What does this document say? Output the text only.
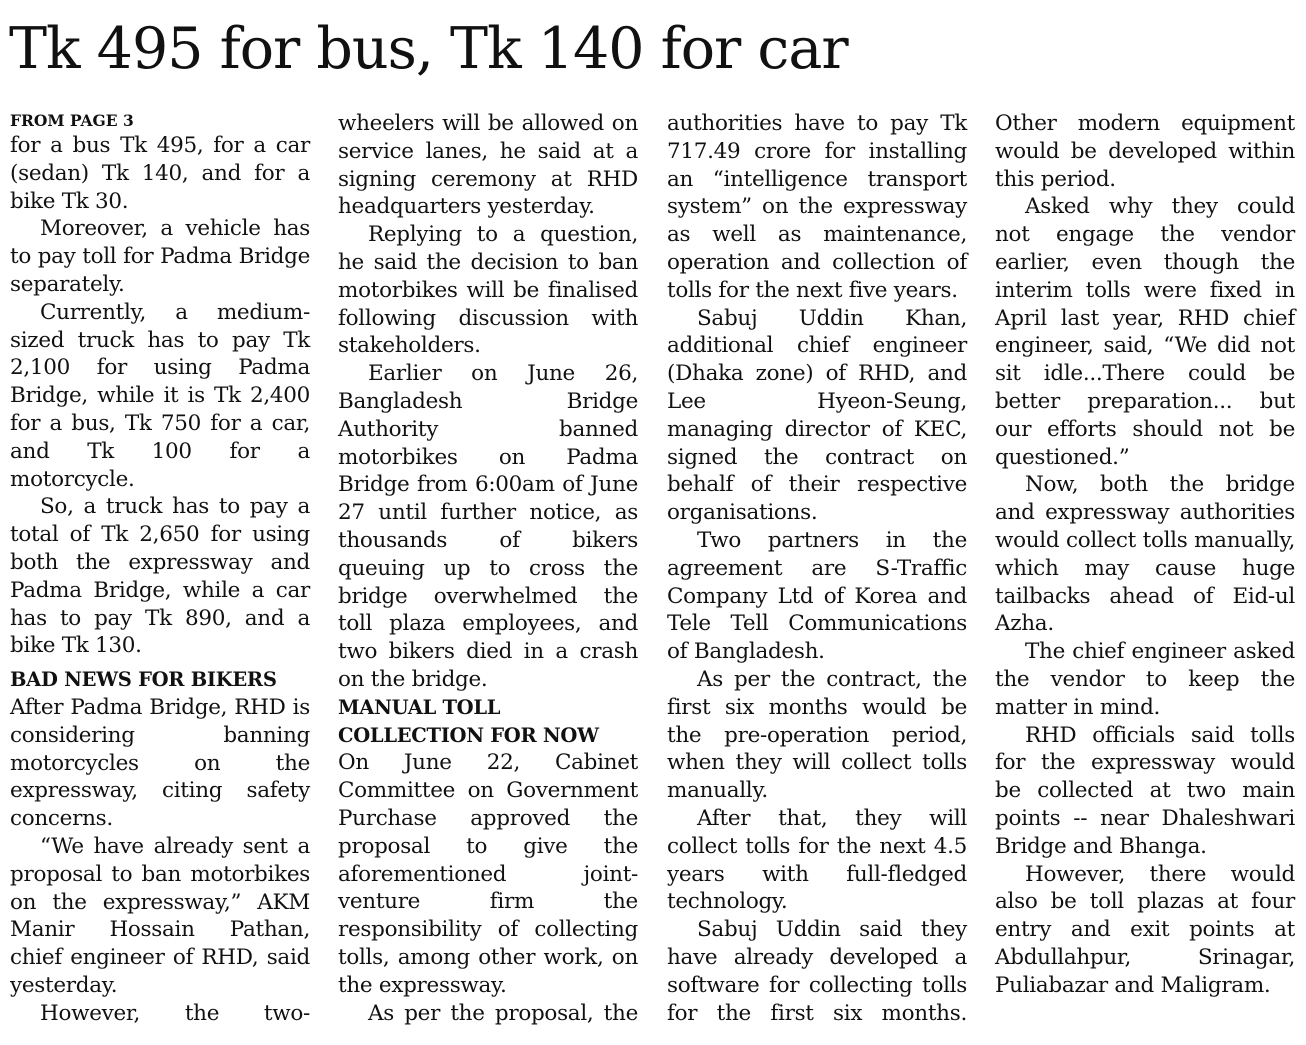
Tk 495 for bus, Tk 140 for car
FROM PAGE 3

for a bus Tk 495, for a car (sedan) Tk 140, and for a bike Tk 30.

Moreover, a vehicle has to pay toll for Padma Bridge separately.

Currently, a medium-sized truck has to pay Tk 2,100 for using Padma Bridge, while it is Tk 2,400 for a bus, Tk 750 for a car, and Tk 100 for a motorcycle.

So, a truck has to pay a total of Tk 2,650 for using both the expressway and Padma Bridge, while a car has to pay Tk 890, and a bike Tk 130.

BAD NEWS FOR BIKERS

After Padma Bridge, RHD is considering banning motorcycles on the expressway, citing safety concerns.

“We have already sent a proposal to ban motorbikes on the expressway,” AKM Manir Hossain Pathan, chief engineer of RHD, said yesterday.

However, the two-

wheelers will be allowed on service lanes, he said at a signing ceremony at RHD headquarters yesterday.

Replying to a question, he said the decision to ban motorbikes will be finalised following discussion with stakeholders.

Earlier on June 26, Bangladesh Bridge Authority banned motorbikes on Padma Bridge from 6:00am of June 27 until further notice, as thousands of bikers queuing up to cross the bridge overwhelmed the toll plaza employees, and two bikers died in a crash on the bridge.

MANUAL TOLL
COLLECTION FOR NOW

On June 22, Cabinet Committee on Government Purchase approved the proposal to give the aforementioned joint-venture firm the responsibility of collecting tolls, among other work, on the expressway.

As per the proposal, the

authorities have to pay Tk 717.49 crore for installing an “intelligence transport system” on the expressway as well as maintenance, operation and collection of tolls for the next five years.

Sabuj Uddin Khan, additional chief engineer (Dhaka zone) of RHD, and Lee Hyeon-Seung, managing director of KEC, signed the contract on behalf of their respective organisations.

Two partners in the agreement are S-Traffic Company Ltd of Korea and Tele Tell Communications of Bangladesh.

As per the contract, the first six months would be the pre-operation period, when they will collect tolls manually.

After that, they will collect tolls for the next 4.5 years with full-fledged technology.

Sabuj Uddin said they have already developed a software for collecting tolls for the first six months.

Other modern equipment would be developed within this period.

Asked why they could not engage the vendor earlier, even though the interim tolls were fixed in April last year, RHD chief engineer, said, “We did not sit idle...There could be better preparation... but our efforts should not be questioned.”

Now, both the bridge and expressway authorities would collect tolls manually, which may cause huge tailbacks ahead of Eid-ul Azha.

The chief engineer asked the vendor to keep the matter in mind.

RHD officials said tolls for the expressway would be collected at two main points -- near Dhaleshwari Bridge and Bhanga.

However, there would also be toll plazas at four entry and exit points at Abdullahpur, Srinagar, Puliabazar and Maligram.
